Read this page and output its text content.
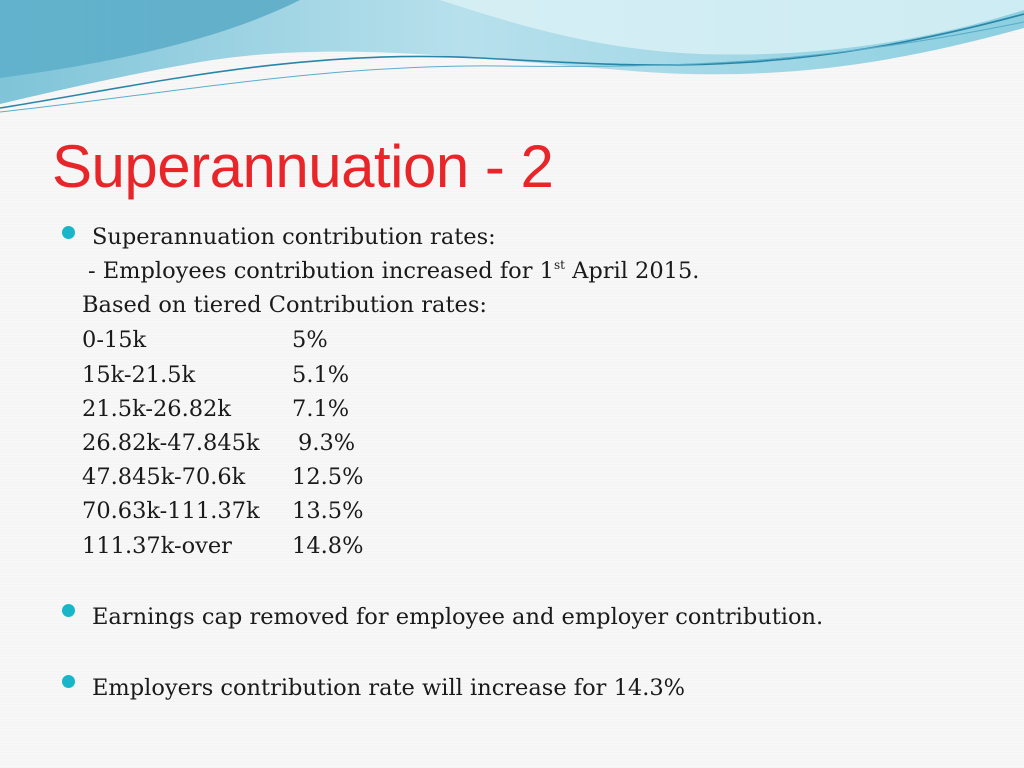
Superannuation - 2
Superannuation contribution rates:
- Employees contribution increased for 1st April 2015.
Based on tiered Contribution rates:
0-15k	5%
15k-21.5k	5.1%
21.5k-26.82k	7.1%
26.82k-47.845k 9.3%
47.845k-70.6k 12.5%
70.63k-111.37k 13.5%
111.37k-over	14.8%
Earnings cap removed for employee and employer contribution.
Employers contribution rate will increase for 14.3%
